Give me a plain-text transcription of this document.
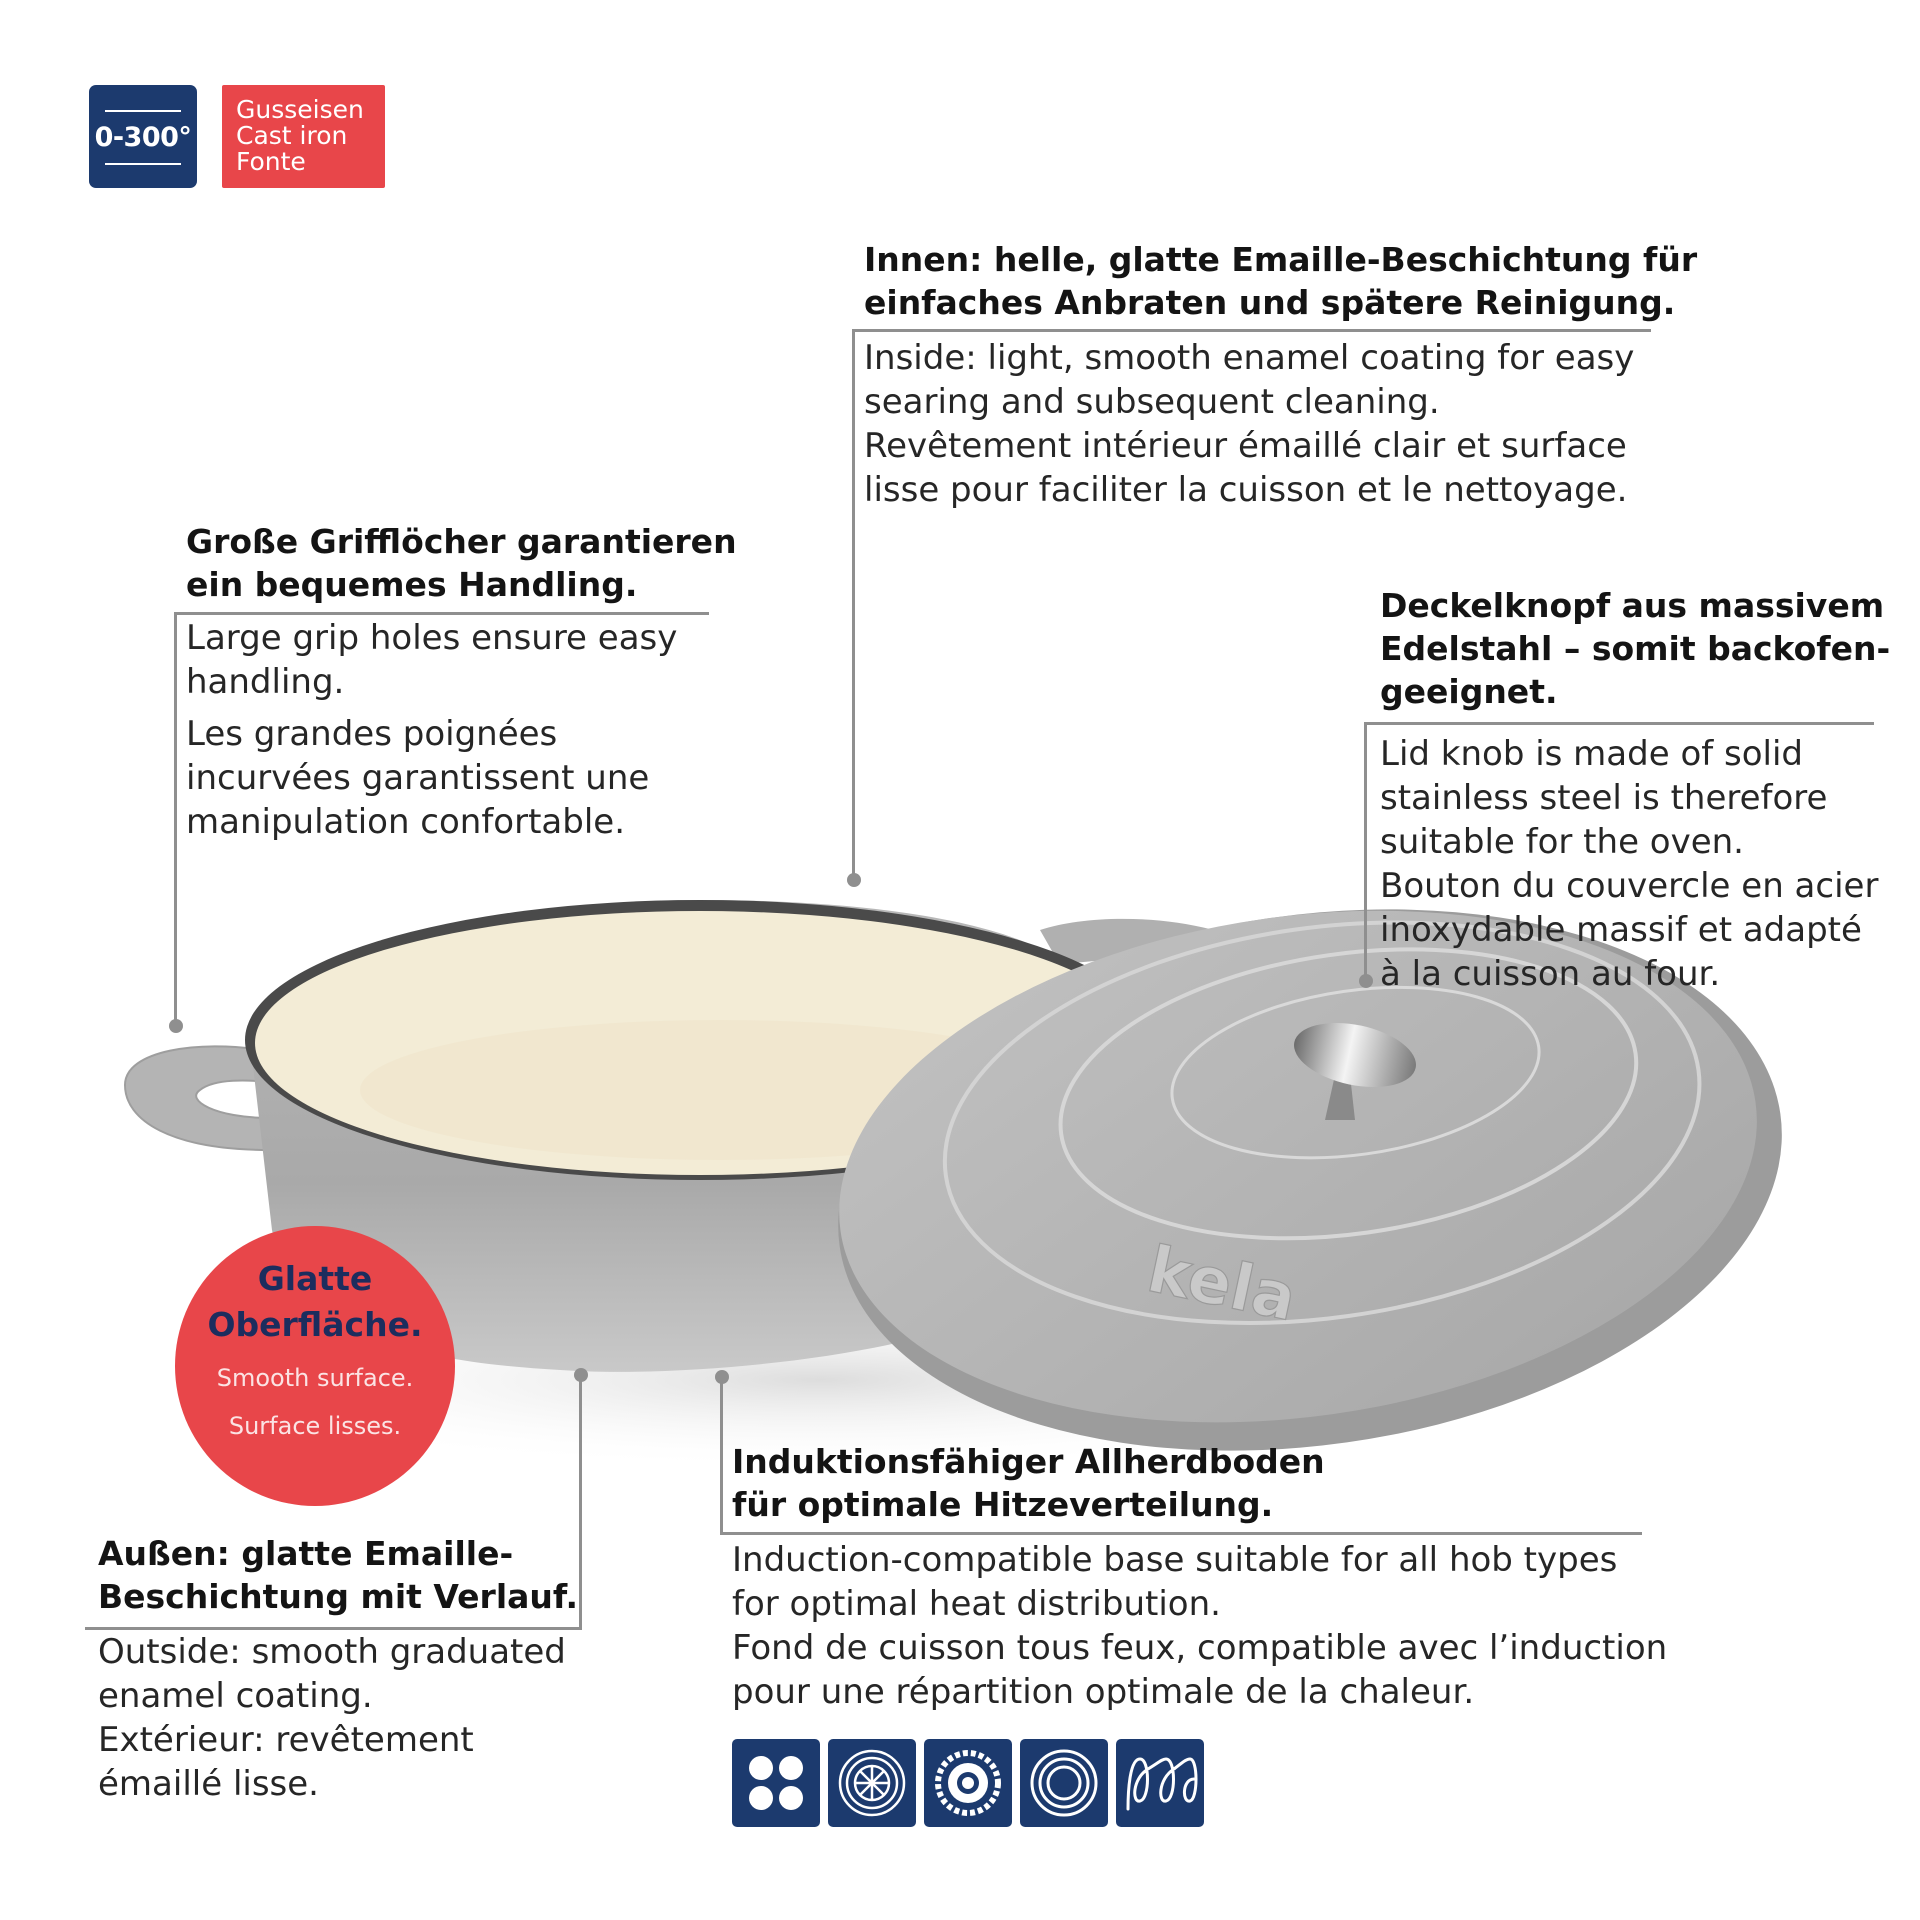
0-300°
Gusseisen
Cast iron
Fonte
kela
Innen: helle, glatte Emaille-Beschichtung für
einfaches Anbraten und spätere Reinigung.
Inside: light, smooth enamel coating for easy
searing and subsequent cleaning.
Revêtement intérieur émaillé clair et surface
lisse pour faciliter la cuisson et le nettoyage.
Große Grifflöcher garantieren
ein bequemes Handling.
Large grip holes ensure easy
handling.
Les grandes poignées
incurvées garantissent une
manipulation confortable.
Deckelknopf aus massivem
Edelstahl – somit backofen-
geeignet.
Lid knob is made of solid
stainless steel is therefore
suitable for the oven.
Bouton du couvercle en acier
inoxydable massif et adapté
à la cuisson au four.
Glatte
Oberfläche.
Smooth surface.
Surface lisses.
Außen: glatte Emaille-
Beschichtung mit Verlauf.
Outside: smooth graduated
enamel coating.
Extérieur: revêtement
émaillé lisse.
Induktionsfähiger Allherdboden
für optimale Hitzeverteilung.
Induction-compatible base suitable for all hob types
for optimal heat distribution.
Fond de cuisson tous feux, compatible avec l’induction
pour une répartition optimale de la chaleur.
